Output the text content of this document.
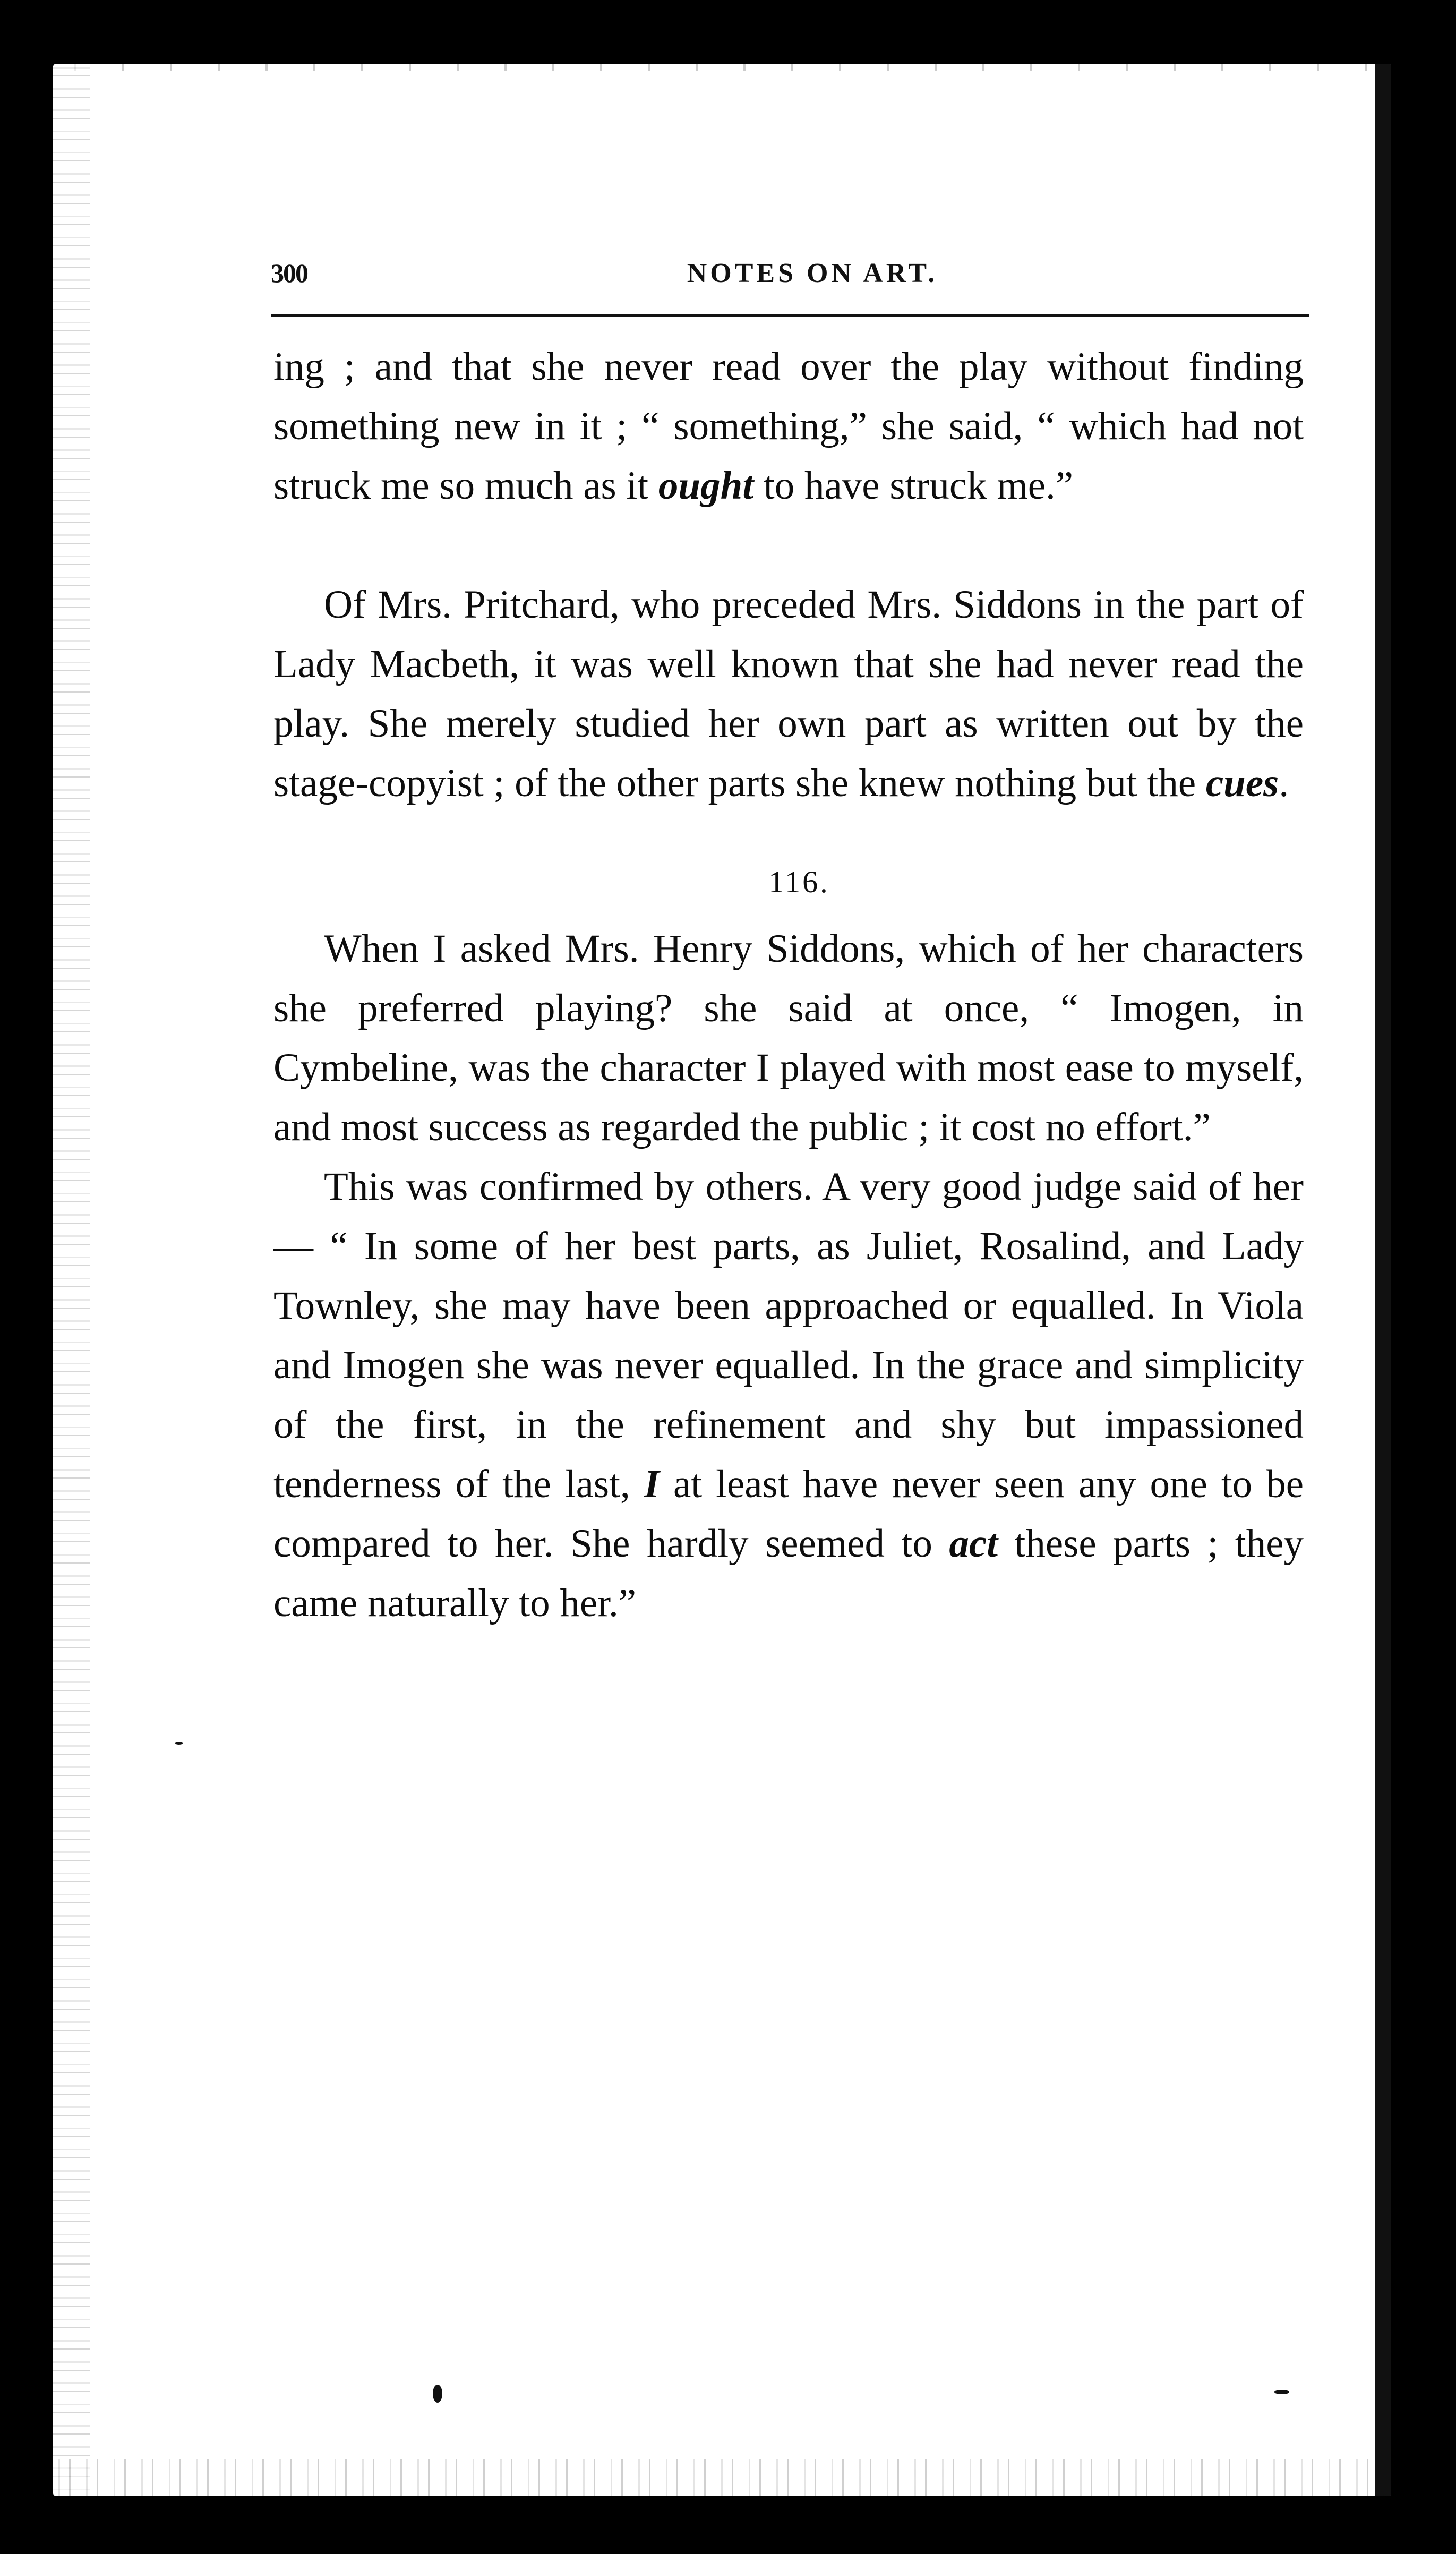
300	NOTES ON ART.

ing ; and that she never read over the play without finding something new in it ; “ something,” she said, “ which had not struck me so much as it ought to have struck me.”

Of Mrs. Pritchard, who preceded Mrs. Siddons in the part of Lady Macbeth, it was well known that she had never read the play. She merely studied her own part as written out by the stage-copyist ; of the other parts she knew nothing but the cues.

116.

When I asked Mrs. Henry Siddons, which of her characters she preferred playing? she said at once, “ Imogen, in Cymbeline, was the character I played with most ease to myself, and most success as regarded the public ; it cost no effort.”

This was confirmed by others. A very good judge said of her — “ In some of her best parts, as Juliet, Rosalind, and Lady Townley, she may have been approached or equalled. In Viola and Imogen she was never equalled. In the grace and simplicity of the first, in the refinement and shy but impassioned tenderness of the last, I at least have never seen any one to be compared to her. She hardly seemed to act these parts ; they came naturally to her.”
